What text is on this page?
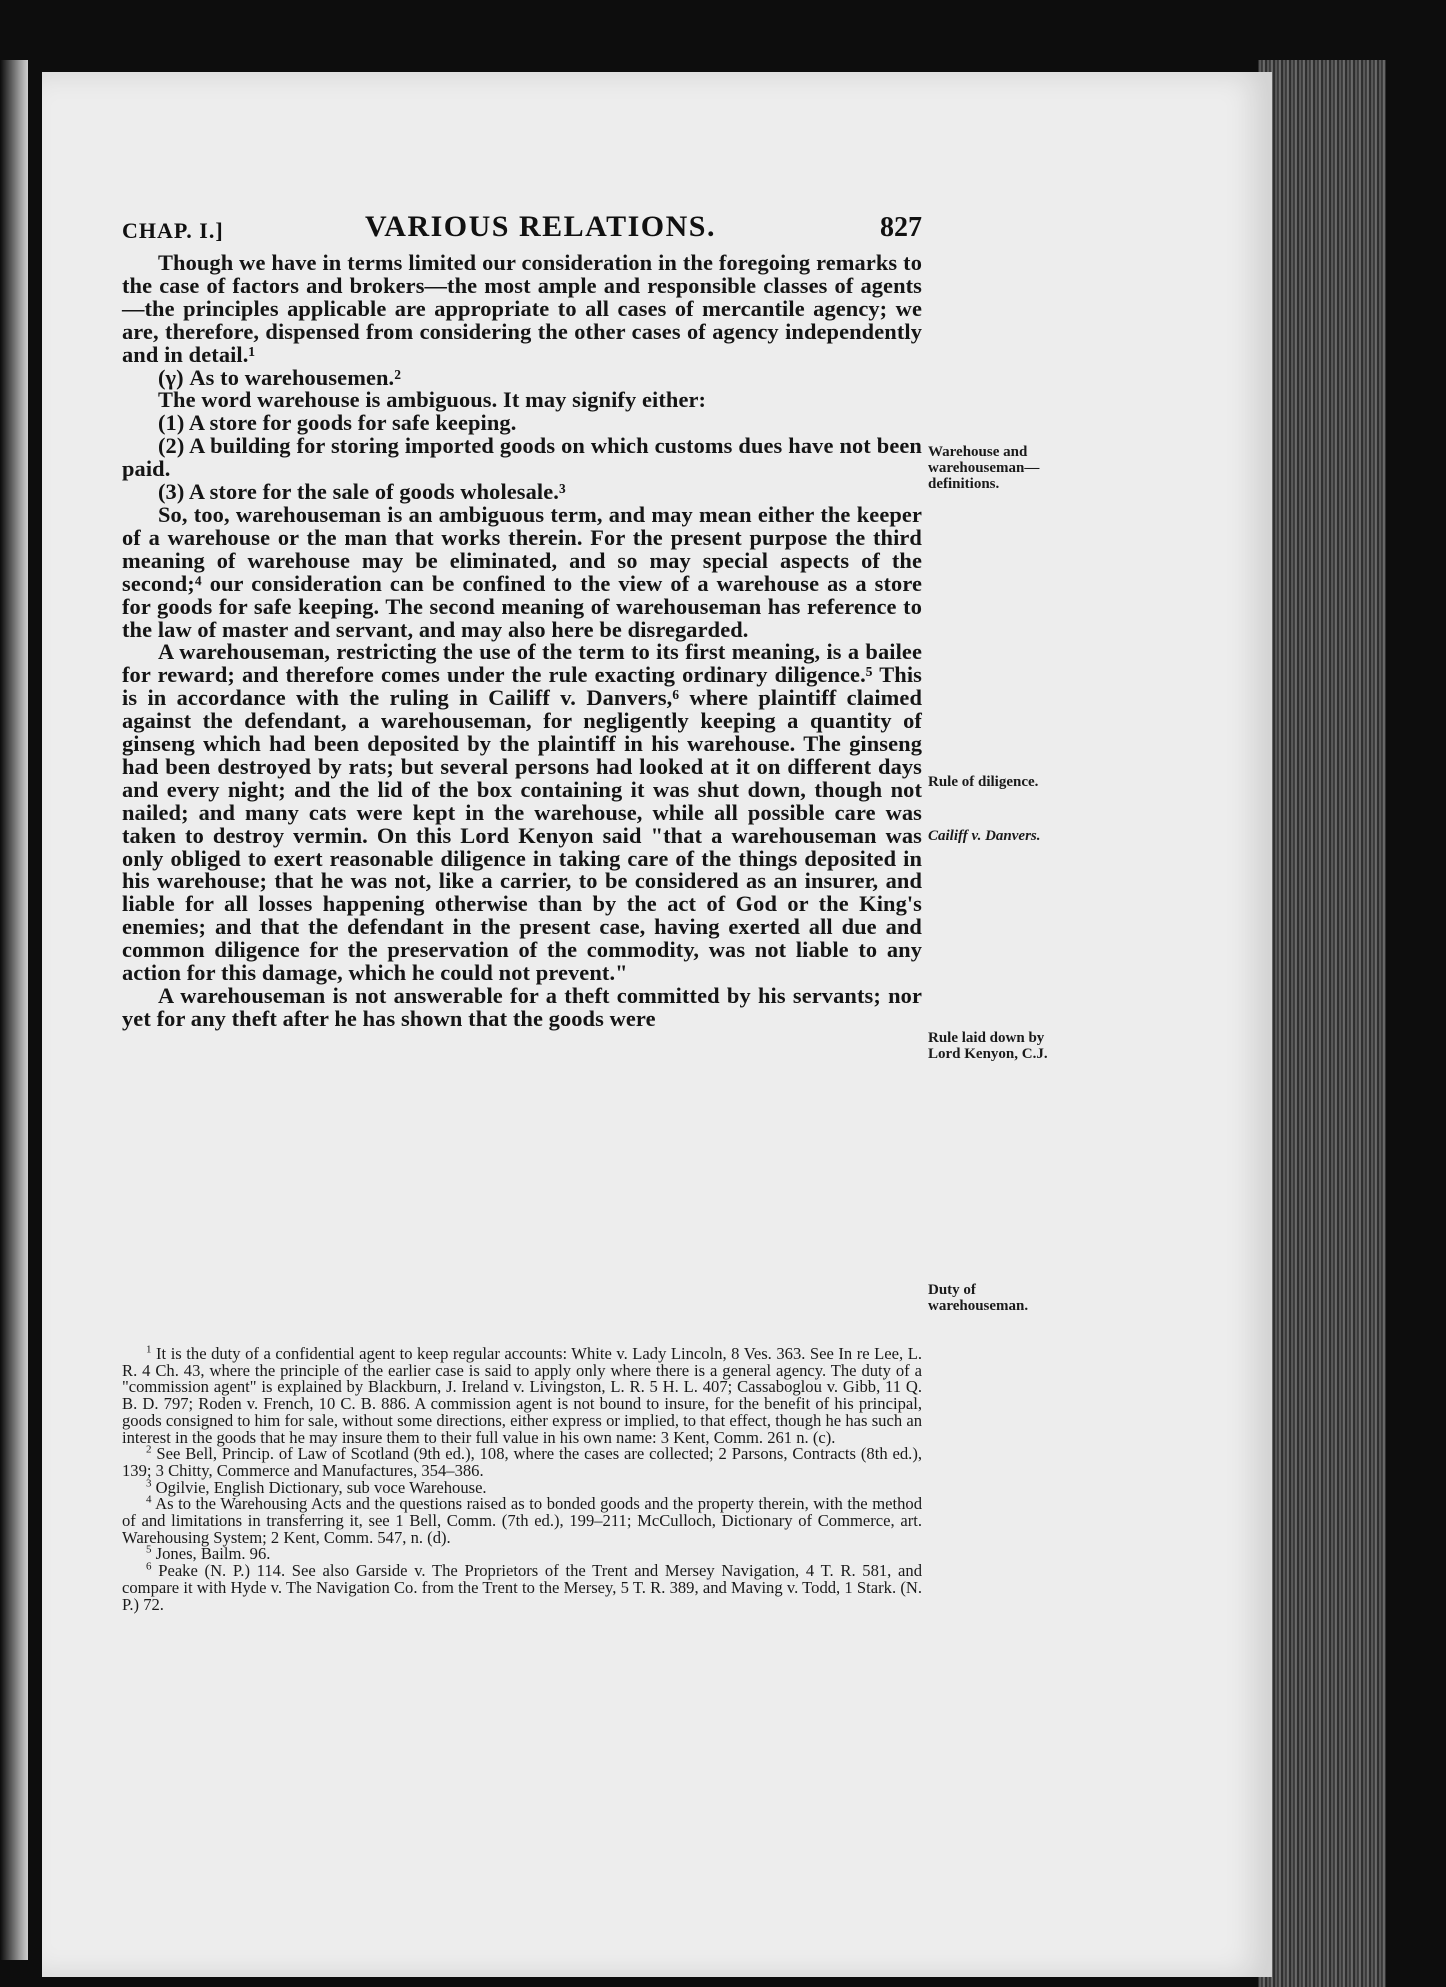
CHAP. I.]	VARIOUS RELATIONS.	827

Though we have in terms limited our consideration in the foregoing remarks to the case of factors and brokers—the most ample and responsible classes of agents—the principles applicable are appropriate to all cases of mercantile agency; we are, therefore, dispensed from considering the other cases of agency independently and in detail.¹

(γ) As to warehousemen.²

The word warehouse is ambiguous. It may signify either:

(1) A store for goods for safe keeping.

(2) A building for storing imported goods on which customs dues have not been paid.

(3) A store for the sale of goods wholesale.³

So, too, warehouseman is an ambiguous term, and may mean either the keeper of a warehouse or the man that works therein. For the present purpose the third meaning of warehouse may be eliminated, and so may special aspects of the second;⁴ our consideration can be confined to the view of a warehouse as a store for goods for safe keeping. The second meaning of warehouseman has reference to the law of master and servant, and may also here be disregarded.

A warehouseman, restricting the use of the term to its first meaning, is a bailee for reward; and therefore comes under the rule exacting ordinary diligence.⁵ This is in accordance with the ruling in Cailiff v. Danvers,⁶ where plaintiff claimed against the defendant, a warehouseman, for negligently keeping a quantity of ginseng which had been deposited by the plaintiff in his warehouse. The ginseng had been destroyed by rats; but several persons had looked at it on different days and every night; and the lid of the box containing it was shut down, though not nailed; and many cats were kept in the warehouse, while all possible care was taken to destroy vermin. On this Lord Kenyon said "that a warehouseman was only obliged to exert reasonable diligence in taking care of the things deposited in his warehouse; that he was not, like a carrier, to be considered as an insurer, and liable for all losses happening otherwise than by the act of God or the King's enemies; and that the defendant in the present case, having exerted all due and common diligence for the preservation of the commodity, was not liable to any action for this damage, which he could not prevent."

A warehouseman is not answerable for a theft committed by his servants; nor yet for any theft after he has shown that the goods were

Warehouse and warehouseman—definitions.
Rule of diligence.
Cailiff v. Danvers.
Rule laid down by Lord Kenyon, C.J.
Duty of warehouseman.

$^1$ It is the duty of a confidential agent to keep regular accounts: White v. Lady Lincoln, 8 Ves. 363. See In re Lee, L. R. 4 Ch. 43, where the principle of the earlier case is said to apply only where there is a general agency. The duty of a "commission agent" is explained by Blackburn, J. Ireland v. Livingston, L. R. 5 H. L. 407; Cassaboglou v. Gibb, 11 Q. B. D. 797; Roden v. French, 10 C. B. 886. A commission agent is not bound to insure, for the benefit of his principal, goods consigned to him for sale, without some directions, either express or implied, to that effect, though he has such an interest in the goods that he may insure them to their full value in his own name: 3 Kent, Comm. 261 n. (c).

$^2$ See Bell, Princip. of Law of Scotland (9th ed.), 108, where the cases are collected; 2 Parsons, Contracts (8th ed.), 139; 3 Chitty, Commerce and Manufactures, 354–386.

$^3$ Ogilvie, English Dictionary, sub voce Warehouse.

$^4$ As to the Warehousing Acts and the questions raised as to bonded goods and the property therein, with the method of and limitations in transferring it, see 1 Bell, Comm. (7th ed.), 199–211; McCulloch, Dictionary of Commerce, art. Warehousing System; 2 Kent, Comm. 547, n. (d).

$^5$ Jones, Bailm. 96.

$^6$ Peake (N. P.) 114. See also Garside v. The Proprietors of the Trent and Mersey Navigation, 4 T. R. 581, and compare it with Hyde v. The Navigation Co. from the Trent to the Mersey, 5 T. R. 389, and Maving v. Todd, 1 Stark. (N. P.) 72.
